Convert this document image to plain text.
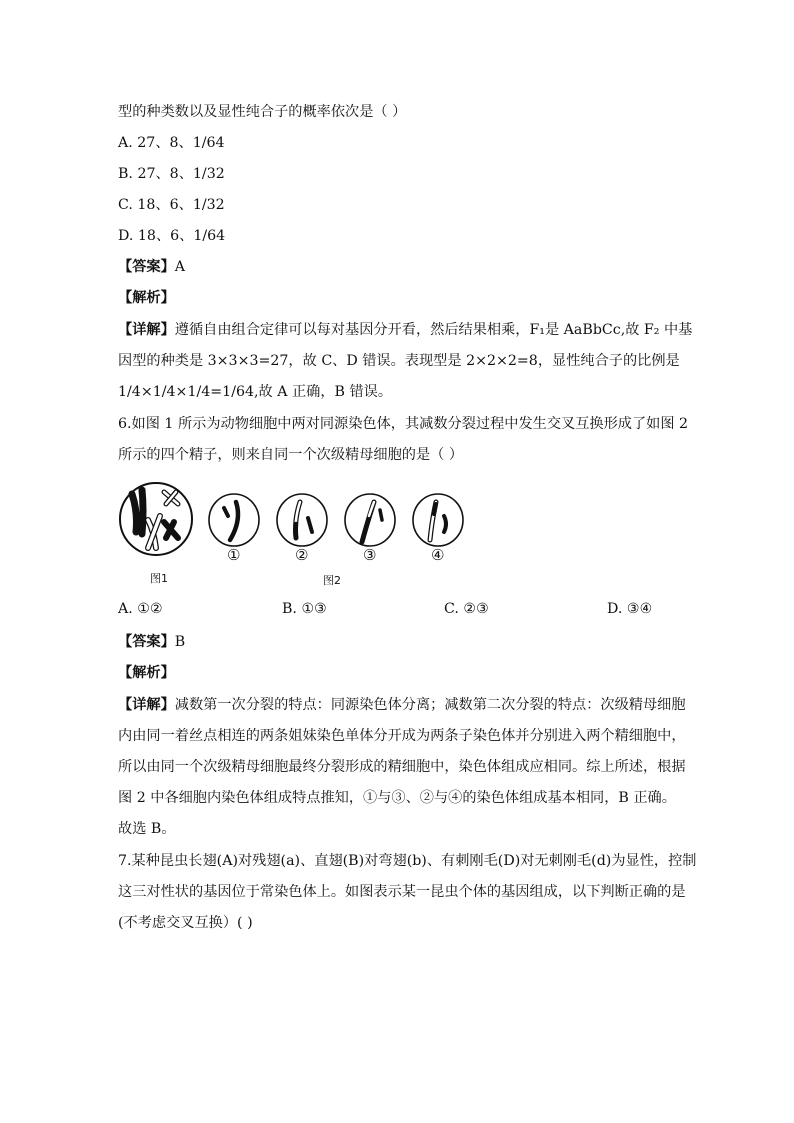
型的种类数以及显性纯合子的概率依次是（ ）
A. 27、8、1/64
B. 27、8、1/32
C. 18、6、1/32
D. 18、6、1/64
【答案】A
【解析】
【详解】遵循自由组合定律可以每对基因分开看，然后结果相乘，F₁是 AaBbCc,故 F₂ 中基
因型的种类是 3×3×3=27，故 C、D 错误。表现型是 2×2×2=8，显性纯合子的比例是
1/4×1/4×1/4=1/64,故 A 正确，B 错误。
6.如图 1 所示为动物细胞中两对同源染色体，其减数分裂过程中发生交叉互换形成了如图 2
所示的四个精子，则来自同一个次级精母细胞的是（ ）
①	②	③	④
图1	图2
A. ①②	B. ①③	C. ②③	D. ③④
【答案】B
【解析】
【详解】减数第一次分裂的特点：同源染色体分离；减数第二次分裂的特点：次级精母细胞
内由同一着丝点相连的两条姐妹染色单体分开成为两条子染色体并分别进入两个精细胞中，
所以由同一个次级精母细胞最终分裂形成的精细胞中，染色体组成应相同。综上所述，根据
图 2 中各细胞内染色体组成特点推知，①与③、②与④的染色体组成基本相同，B 正确。
故选 B。
7.某种昆虫长翅(A)对残翅(a)、直翅(B)对弯翅(b)、有刺刚毛(D)对无刺刚毛(d)为显性，控制
这三对性状的基因位于常染色体上。如图表示某一昆虫个体的基因组成，以下判断正确的是
(不考虑交叉互换）( )
